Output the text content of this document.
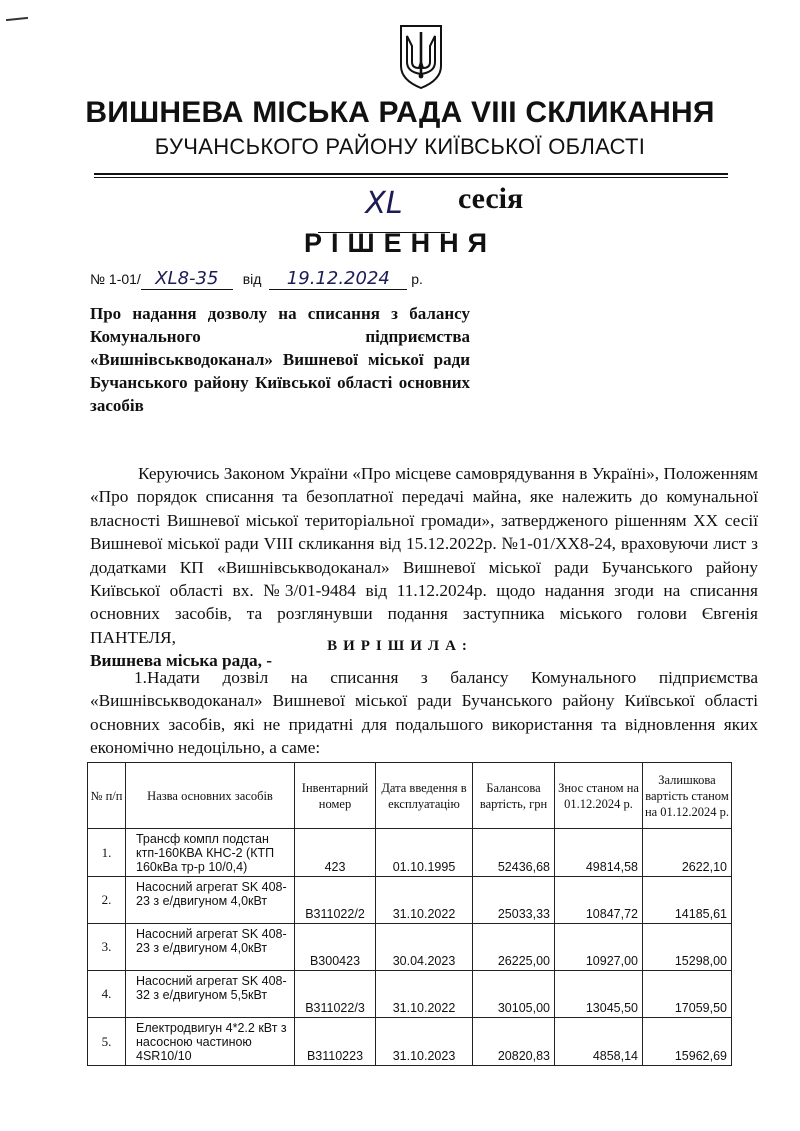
ВИШНЕВА МІСЬКА РАДА VIII СКЛИКАННЯ
БУЧАНСЬКОГО РАЙОНУ КИЇВСЬКОЇ ОБЛАСТІ
XL	сесія
РІШЕННЯ
№ 1-01/ XL8-35 від 19.12.2024 р.
Про надання дозволу на списання з балансу Комунального підприємства «Вишнівськводоканал» Вишневої міської ради Бучанського району Київської області основних засобів

Керуючись Законом України «Про місцеве самоврядування в Україні», Положенням «Про порядок списання та безоплатної передачі майна, яке належить до комунальної власності Вишневої міської територіальної громади», затвердженого рішенням XX сесії Вишневої міської ради VIII скликання від 15.12.2022р. №1-01/XX8-24, враховуючи лист з додатками КП «Вишнівськводоканал» Вишневої міської ради Бучанського району Київської області вх. №3/01-9484 від 11.12.2024р. щодо надання згоди на списання основних засобів, та розглянувши подання заступника міського голови Євгенія ПАНТЕЛЯ,

Вишнева міська рада, -
ВИРІШИЛА:

1.Надати дозвіл на списання з балансу Комунального підприємства «Вишнівськводоканал» Вишневої міської ради Бучанського району Київської області основних засобів, які не придатні для подальшого використання та відновлення яких економічно недоцільно, а саме:

№ п/п	Назва основних засобів	Інвентарний номер	Дата введення в експлуатацію	Балансова вартість, грн	Знос станом на 01.12.2024 р.	Залишкова вартість станом на 01.12.2024 р.
1.	Трансф компл подстан ктп-160КВА КНС-2 (КТП 160кВа тр-р 10/0,4)	423	01.10.1995	52436,68	49814,58	2622,10
2.	Насосний агрегат SK 408-23 з е/двигуном 4,0кВт	В311022/2	31.10.2022	25033,33	10847,72	14185,61
3.	Насосний агрегат SK 408-23 з е/двигуном 4,0кВт	В300423	30.04.2023	26225,00	10927,00	15298,00
4.	Насосний агрегат SK 408-32 з е/двигуном 5,5кВт	В311022/3	31.10.2022	30105,00	13045,50	17059,50
5.	Електродвигун 4*2.2 кВт з насосною частиною 4SR10/10	В3110223	31.10.2023	20820,83	4858,14	15962,69
